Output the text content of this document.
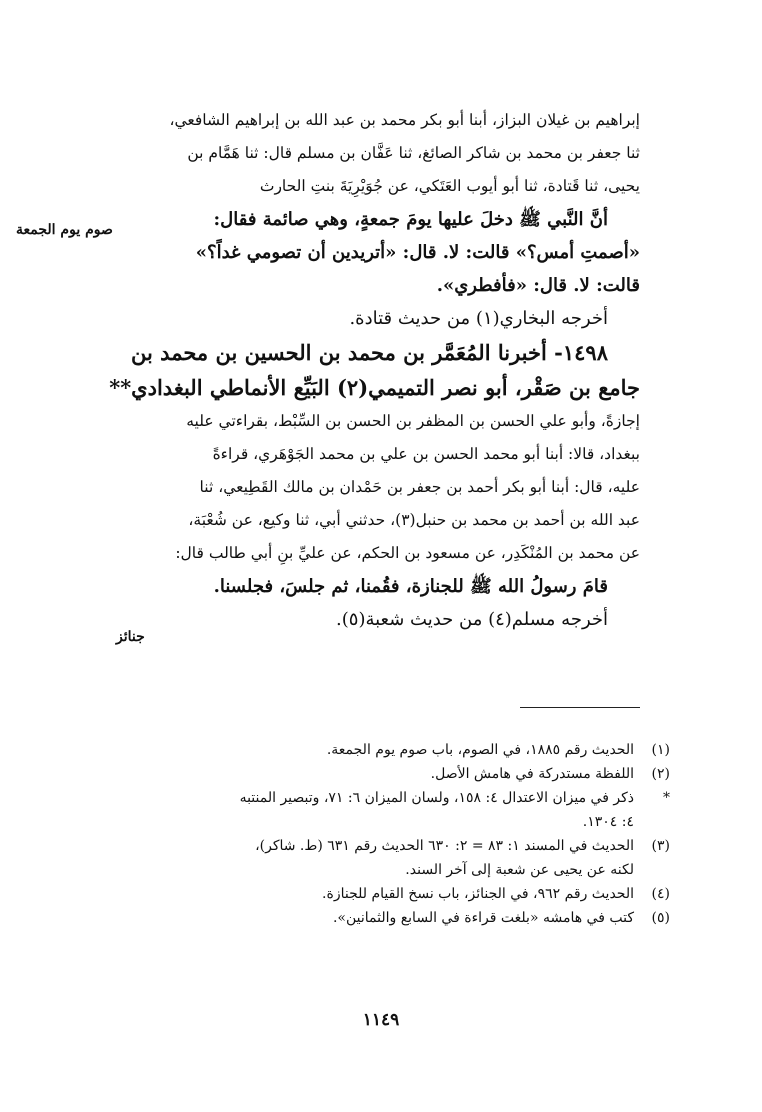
إبراهيم بن غيلان البزاز، أبنا أبو بكر محمد بن عبد الله بن إبراهيم الشافعي،
ثنا جعفر بن محمد بن شاكر الصائغ، ثنا عَفَّان بن مسلم قال: ثنا هَمَّام بن
يحيى، ثنا قَتادة، ثنا أبو أيوب العَتَكي، عن جُوَيْرِيَةَ بنتِ الحارث
أنَّ النَّبي ﷺ دخلَ عليها يومَ جمعةٍ، وهي صائمة فقال:
«أصمتِ أمس؟» قالت: لا. قال: «أتريدين أن تصومي غداً؟»
قالت: لا. قال: «فأفطري».
أخرجه البخاري(١) من حديث قتادة.
١٤٩٨- أخبرنا المُعَمَّر بن محمد بن الحسين بن محمد بن
جامع بن صَقْر، أبو نصر التميمي(٢) البَيِّع الأنماطي البغدادي**
إجازةً، وأبو علي الحسن بن المظفر بن الحسن بن السِّبْط، بقراءتي عليه
ببغداد، قالا: أبنا أبو محمد الحسن بن علي بن محمد الجَوْهَري، قراءةً
عليه، قال: أبنا أبو بكر أحمد بن جعفر بن حَمْدان بن مالك القَطِيعي، ثنا
عبد الله بن أحمد بن محمد بن حنبل(٣)، حدثني أبي، ثنا وكيع، عن شُعْبَة،
عن محمد بن المُنْكَدِر، عن مسعود بن الحكم، عن عليِّ بنِ أبي طالب قال:
قامَ رسولُ الله ﷺ للجنازة، فقُمنا، ثم جلسَ، فجلسنا.
أخرجه مسلم(٤) من حديث شعبة(٥).
صوم يوم الجمعة
جنائز
(١)
الحديث رقم ١٨٨٥، في الصوم، باب صوم يوم الجمعة.
(٢)
اللفظة مستدركة في هامش الأصل.
*
ذكر في ميزان الاعتدال ٤: ١٥٨، ولسان الميزان ٦: ٧١، وتبصير المنتبه
٤: ١٣٠٤.
(٣)
الحديث في المسند ١: ٨٣ = ٢: ٦٣٠ الحديث رقم ٦٣١ (ط. شاكر)،
لكنه عن يحيى عن شعبة إلى آخر السند.
(٤)
الحديث رقم ٩٦٢، في الجنائز، باب نسخ القيام للجنازة.
(٥)
كتب في هامشه «بلغت قراءة في السابع والثمانين».
١١٤٩
